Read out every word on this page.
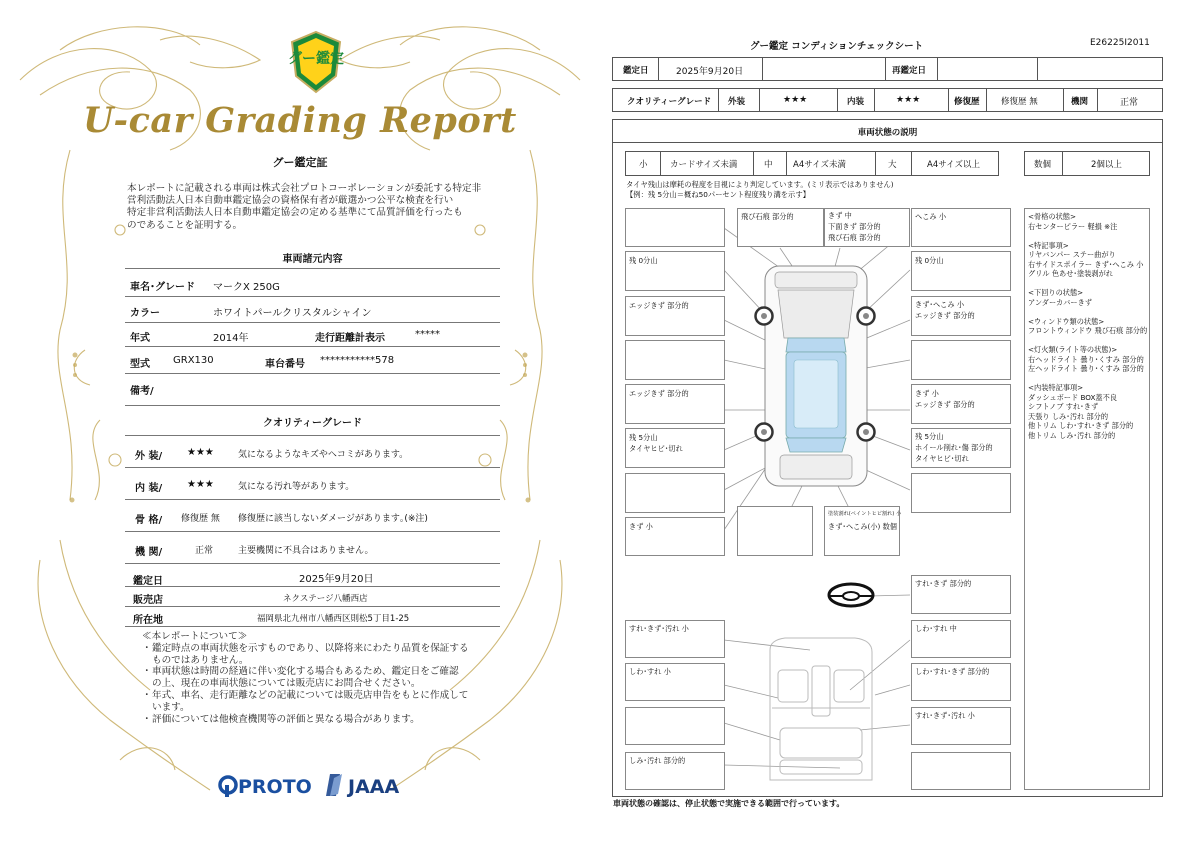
グー鑑定
U-car Grading Report
グー鑑定証
本レポートに記載される車両は株式会社プロトコーポレーションが委託する特定非
営利活動法人日本自動車鑑定協会の資格保有者が厳選かつ公平な検査を行い
特定非営利活動法人日本自動車鑑定協会の定める基準にて品質評価を行ったも
のであることを証明する。
車両諸元内容
車名･グレード マークX 250G
カラー	ホワイトパールクリスタルシャイン
年式	2014年	走行距離計表示	*****
型式 GRX130	車台番号 ***********578
備考/
クオリティーグレード
外 装/ ★★★	気になるようなキズやヘコミがあります。
内 装/ ★★★	気になる汚れ等があります。
骨 格/ 修復歴 無 修復歴に該当しないダメージがあります｡(※注)
機 関/	正常	主要機関に不具合はありません。
鑑定日	2025年9月20日
販売店	ネクステージ八幡西店
所在地	福岡県北九州市八幡西区則松5丁目1-25
≪本レポートについて≫
・ 鑑定時点の車両状態を示すものであり、以降将来にわたり品質を保証する
ものではありません。
・ 車両状態は時間の経過に伴い変化する場合もあるため、鑑定日をご確認
の上、現在の車両状態については販売店にお問合せください。
・ 年式、車名、走行距離などの記載については販売店申告をもとに作成して
います。
・ 評価については他検査機関等の評価と異なる場合があります。
PROTO JAAA
グー鑑定 コンディションチェックシート	E26225I2011
鑑定日	2025年9月20日	再鑑定日
クオリティーグレード 外装	★★★	内装	★★★	修復歴	修復歴 無	機関	正常
車両状態の説明
小	カードサイズ未満	中 A4サイズ未満	大	A4サイズ以上	数個	2個以上
タイヤ残山は摩耗の程度を目視により判定しています。(ミリ表示ではありません)
【例：残 5分山＝概ね50パーセント程度残り溝を示す】
飛び石痕 部分的	きず 中
下面きず 部分的
飛び石痕 部分的
へこみ 小
残 0分山	残 0分山
エッジきず 部分的	きず･へこみ 小
エッジきず 部分的
エッジきず 部分的	きず 小
エッジきず 部分的
残 5分山
タイヤヒビ･切れ
残 5分山
ホイール削れ･傷 部分的
タイヤヒビ･切れ
きず 小
塗装割れ(ペイントヒビ割れ) 小
きず･へこみ(小) 数個
すれ･きず 部分的
すれ･きず･汚れ 小	しわ･すれ 中
しわ･すれ 小	しわ･すれ･きず 部分的
すれ･きず･汚れ 小
しみ･汚れ 部分的
<骨格の状態>
右センターピラー 軽損 ※注

<特記事項>
リヤバンパー ステー曲がり
右サイドスポイラー きず･へこみ 小
グリル 色あせ･塗装剥がれ

<下回りの状態>
アンダーカバーきず

<ウィンドウ類の状態>
フロントウィンドウ 飛び石痕 部分的

<灯火類(ライト等の状態)>
右ヘッドライト 曇り･くすみ 部分的
左ヘッドライト 曇り･くすみ 部分的

<内装特記事項>
ダッシュボード BOX蓋不良
シフトノブ すれ･きず
天張り しみ･汚れ 部分的
他トリム しわ･すれ･きず 部分的
他トリム しみ･汚れ 部分的
車両状態の確認は、停止状態で実施できる範囲で行っています。
